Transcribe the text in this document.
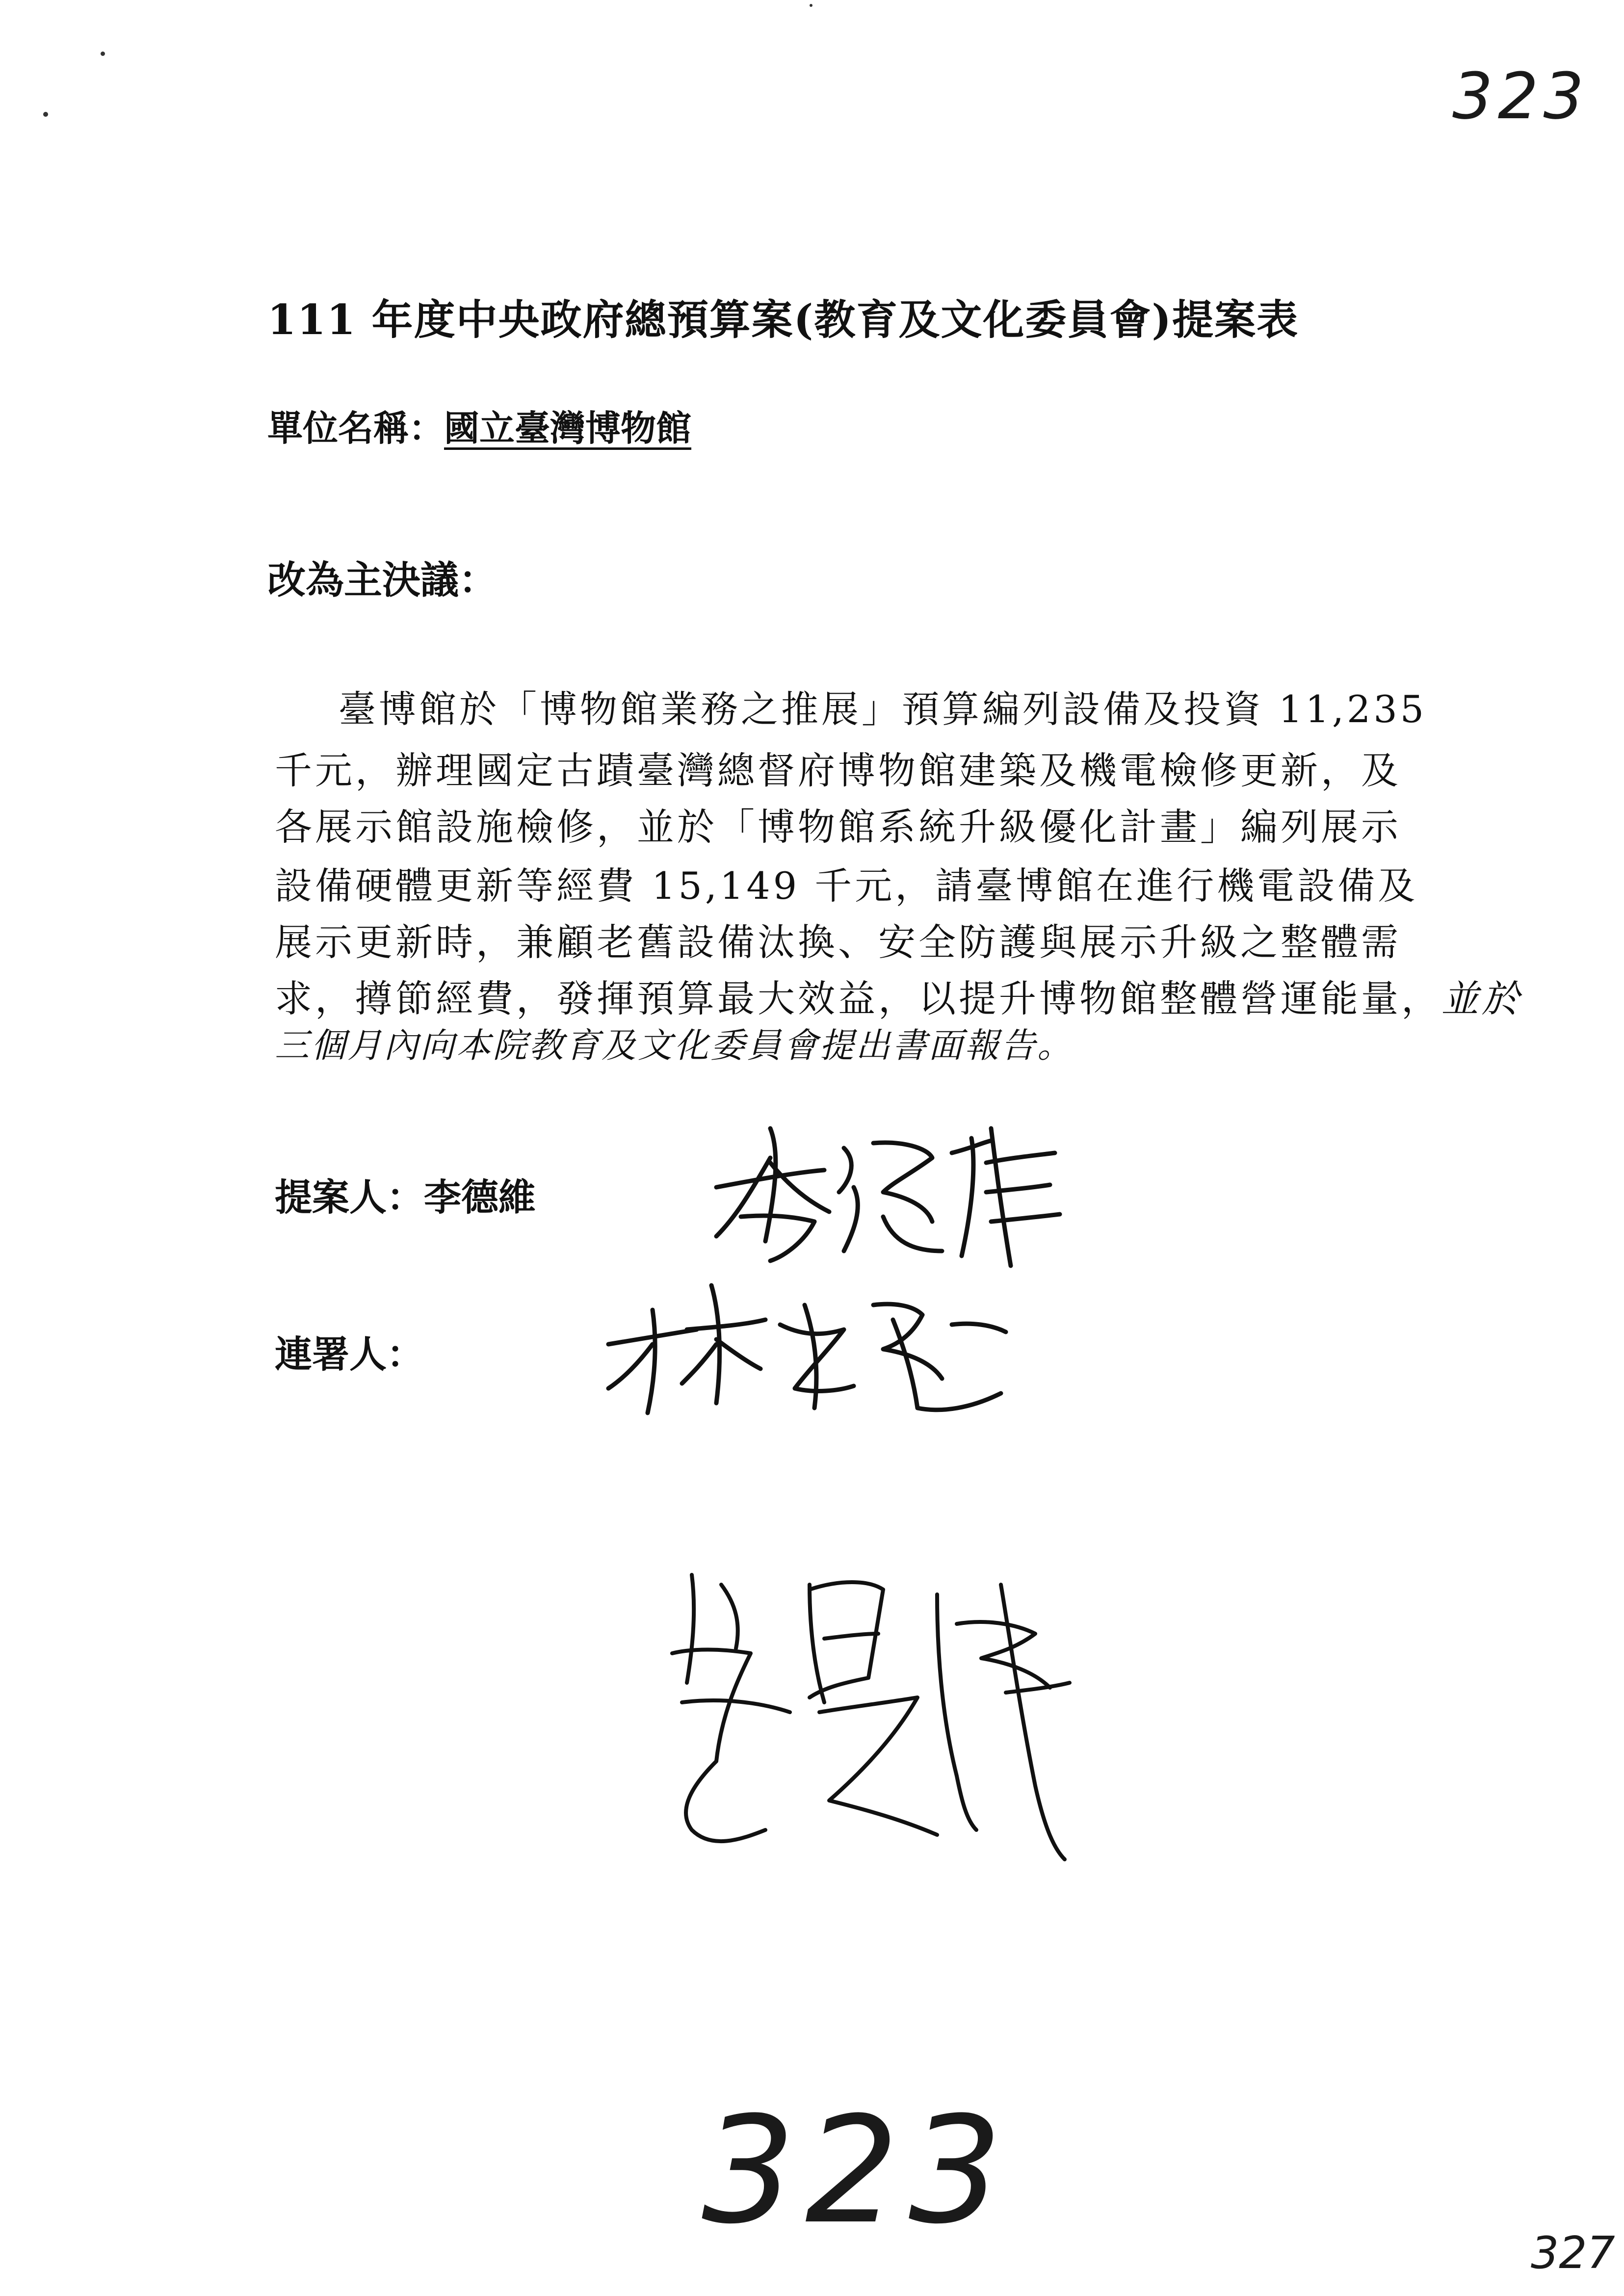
323
111 年度中央政府總預算案(教育及文化委員會)提案表
單位名稱：國立臺灣博物館
改為主決議：
臺博館於「博物館業務之推展」預算編列設備及投資 11,235
千元，辦理國定古蹟臺灣總督府博物館建築及機電檢修更新，及
各展示館設施檢修，並於「博物館系統升級優化計畫」編列展示
設備硬體更新等經費 15,149 千元，請臺博館在進行機電設備及
展示更新時，兼顧老舊設備汰換、安全防護與展示升級之整體需
求，撙節經費，發揮預算最大效益，以提升博物館整體營運能量，並於
三個月內向本院教育及文化委員會提出書面報告。
提案人：李德維
連署人：
323	327
